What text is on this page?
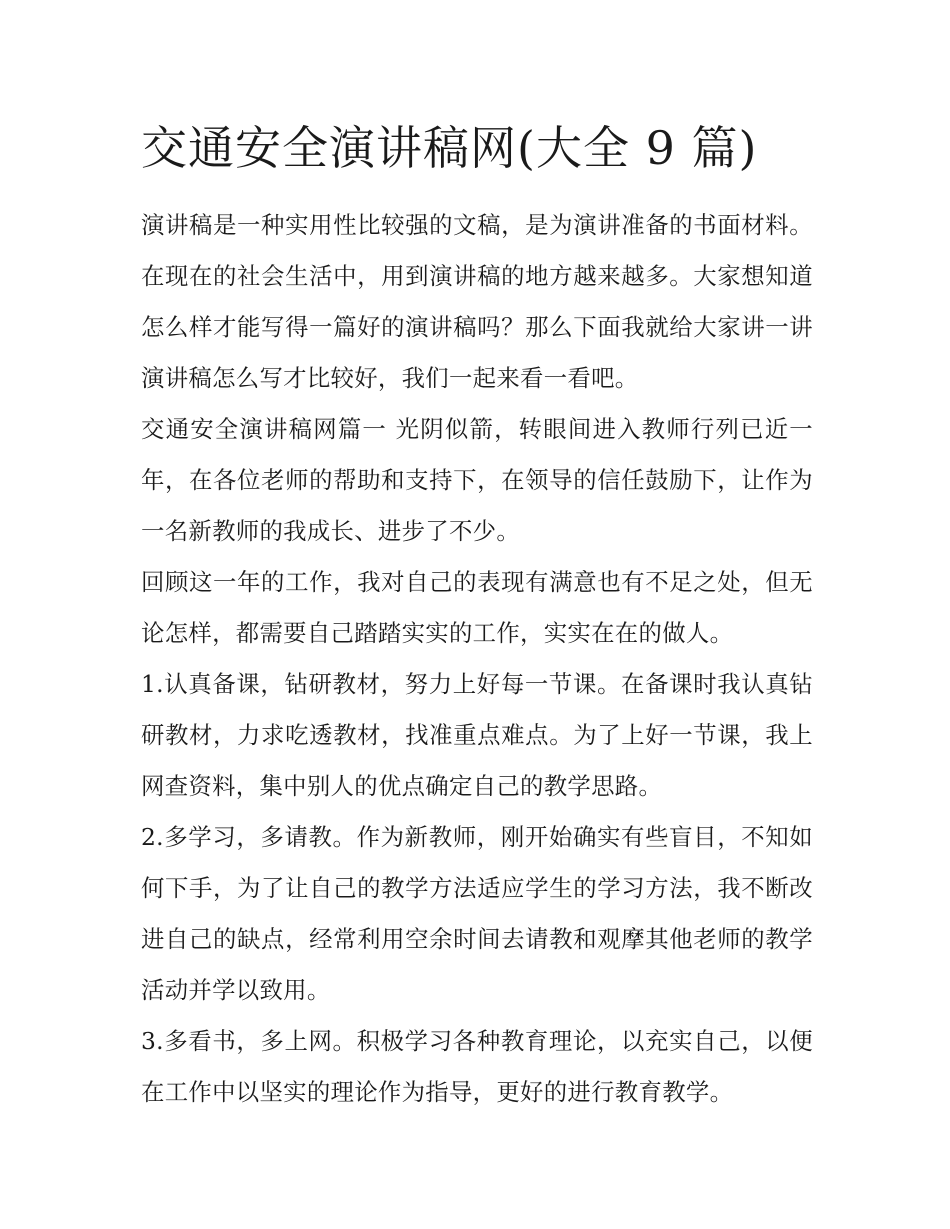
交通安全演讲稿网(大全 9 篇)

演讲稿是一种实用性比较强的文稿，是为演讲准备的书面材料。在现在的社会生活中，用到演讲稿的地方越来越多。大家想知道怎么样才能写得一篇好的演讲稿吗？那么下面我就给大家讲一讲演讲稿怎么写才比较好，我们一起来看一看吧。

交通安全演讲稿网篇一 光阴似箭，转眼间进入教师行列已近一年，在各位老师的帮助和支持下，在领导的信任鼓励下，让作为一名新教师的我成长、进步了不少。

回顾这一年的工作，我对自己的表现有满意也有不足之处，但无论怎样，都需要自己踏踏实实的工作，实实在在的做人。

1.认真备课，钻研教材，努力上好每一节课。在备课时我认真钻研教材，力求吃透教材，找准重点难点。为了上好一节课，我上网查资料，集中别人的优点确定自己的教学思路。

2.多学习，多请教。作为新教师，刚开始确实有些盲目，不知如何下手，为了让自己的教学方法适应学生的学习方法，我不断改进自己的缺点，经常利用空余时间去请教和观摩其他老师的教学活动并学以致用。

3.多看书，多上网。积极学习各种教育理论，以充实自己，以便在工作中以坚实的理论作为指导，更好的进行教育教学。
